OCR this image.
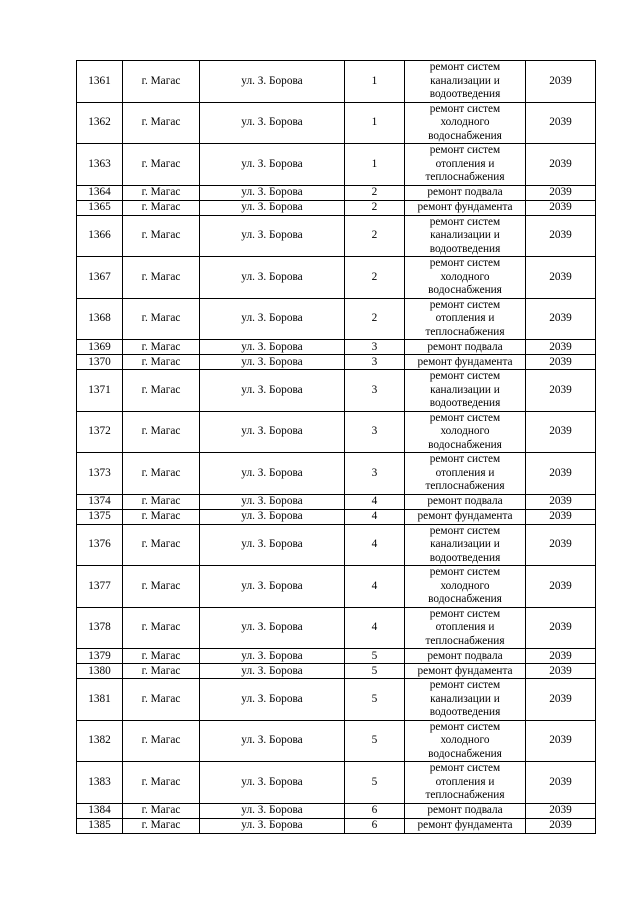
1361	г. Магас	ул. З. Борова	1	ремонт систем
канализации и
водоотведения	2039
1362	г. Магас	ул. З. Борова	1	ремонт систем
холодного
водоснабжения	2039
1363	г. Магас	ул. З. Борова	1	ремонт систем
отопления и
теплоснабжения	2039
1364	г. Магас	ул. З. Борова	2	ремонт подвала	2039
1365	г. Магас	ул. З. Борова	2	ремонт фундамента	2039
1366	г. Магас	ул. З. Борова	2	ремонт систем
канализации и
водоотведения	2039
1367	г. Магас	ул. З. Борова	2	ремонт систем
холодного
водоснабжения	2039
1368	г. Магас	ул. З. Борова	2	ремонт систем
отопления и
теплоснабжения	2039
1369	г. Магас	ул. З. Борова	3	ремонт подвала	2039
1370	г. Магас	ул. З. Борова	3	ремонт фундамента	2039
1371	г. Магас	ул. З. Борова	3	ремонт систем
канализации и
водоотведения	2039
1372	г. Магас	ул. З. Борова	3	ремонт систем
холодного
водоснабжения	2039
1373	г. Магас	ул. З. Борова	3	ремонт систем
отопления и
теплоснабжения	2039
1374	г. Магас	ул. З. Борова	4	ремонт подвала	2039
1375	г. Магас	ул. З. Борова	4	ремонт фундамента	2039
1376	г. Магас	ул. З. Борова	4	ремонт систем
канализации и
водоотведения	2039
1377	г. Магас	ул. З. Борова	4	ремонт систем
холодного
водоснабжения	2039
1378	г. Магас	ул. З. Борова	4	ремонт систем
отопления и
теплоснабжения	2039
1379	г. Магас	ул. З. Борова	5	ремонт подвала	2039
1380	г. Магас	ул. З. Борова	5	ремонт фундамента	2039
1381	г. Магас	ул. З. Борова	5	ремонт систем
канализации и
водоотведения	2039
1382	г. Магас	ул. З. Борова	5	ремонт систем
холодного
водоснабжения	2039
1383	г. Магас	ул. З. Борова	5	ремонт систем
отопления и
теплоснабжения	2039
1384	г. Магас	ул. З. Борова	6	ремонт подвала	2039
1385	г. Магас	ул. З. Борова	6	ремонт фундамента	2039
